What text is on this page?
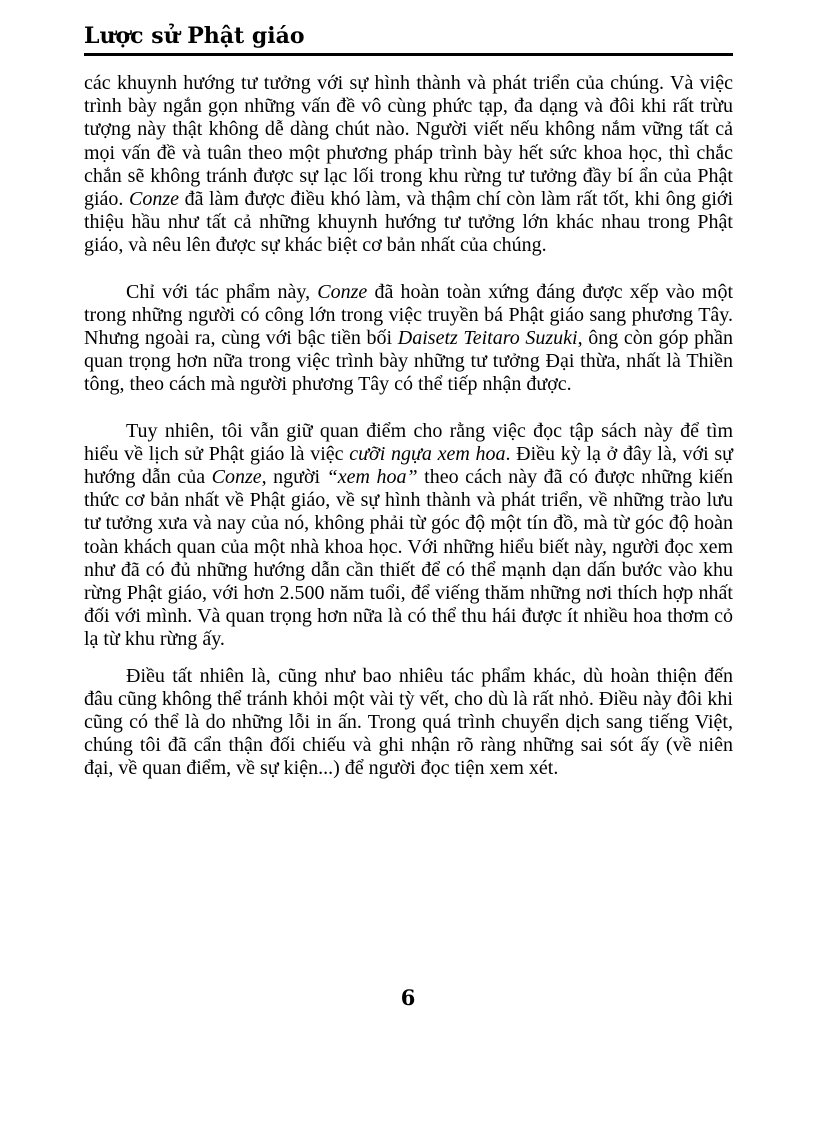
Lược sử Phật giáo

các khuynh hướng tư tưởng với sự hình thành và phát triển của chúng. Và việc trình bày ngắn gọn những vấn đề vô cùng phức tạp, đa dạng và đôi khi rất trừu tượng này thật không dễ dàng chút nào. Người viết nếu không nắm vững tất cả mọi vấn đề và tuân theo một phương pháp trình bày hết sức khoa học, thì chắc chắn sẽ không tránh được sự lạc lối trong khu rừng tư tưởng đầy bí ẩn của Phật giáo. Conze đã làm được điều khó làm, và thậm chí còn làm rất tốt, khi ông giới thiệu hầu như tất cả những khuynh hướng tư tưởng lớn khác nhau trong Phật giáo, và nêu lên được sự khác biệt cơ bản nhất của chúng.

Chỉ với tác phẩm này, Conze đã hoàn toàn xứng đáng được xếp vào một trong những người có công lớn trong việc truyền bá Phật giáo sang phương Tây. Nhưng ngoài ra, cùng với bậc tiền bối Daisetz Teitaro Suzuki, ông còn góp phần quan trọng hơn nữa trong việc trình bày những tư tưởng Đại thừa, nhất là Thiền tông, theo cách mà người phương Tây có thể tiếp nhận được.

Tuy nhiên, tôi vẫn giữ quan điểm cho rằng việc đọc tập sách này để tìm hiểu về lịch sử Phật giáo là việc cưỡi ngựa xem hoa. Điều kỳ lạ ở đây là, với sự hướng dẫn của Conze, người “xem hoa” theo cách này đã có được những kiến thức cơ bản nhất về Phật giáo, về sự hình thành và phát triển, về những trào lưu tư tưởng xưa và nay của nó, không phải từ góc độ một tín đồ, mà từ góc độ hoàn toàn khách quan của một nhà khoa học. Với những hiểu biết này, người đọc xem như đã có đủ những hướng dẫn cần thiết để có thể mạnh dạn dấn bước vào khu rừng Phật giáo, với hơn 2.500 năm tuổi, để viếng thăm những nơi thích hợp nhất đối với mình. Và quan trọng hơn nữa là có thể thu hái được ít nhiều hoa thơm cỏ lạ từ khu rừng ấy.

Điều tất nhiên là, cũng như bao nhiêu tác phẩm khác, dù hoàn thiện đến đâu cũng không thể tránh khỏi một vài tỳ vết, cho dù là rất nhỏ. Điều này đôi khi cũng có thể là do những lỗi in ấn. Trong quá trình chuyển dịch sang tiếng Việt, chúng tôi đã cẩn thận đối chiếu và ghi nhận rõ ràng những sai sót ấy (về niên đại, về quan điểm, về sự kiện...) để người đọc tiện xem xét.

6
